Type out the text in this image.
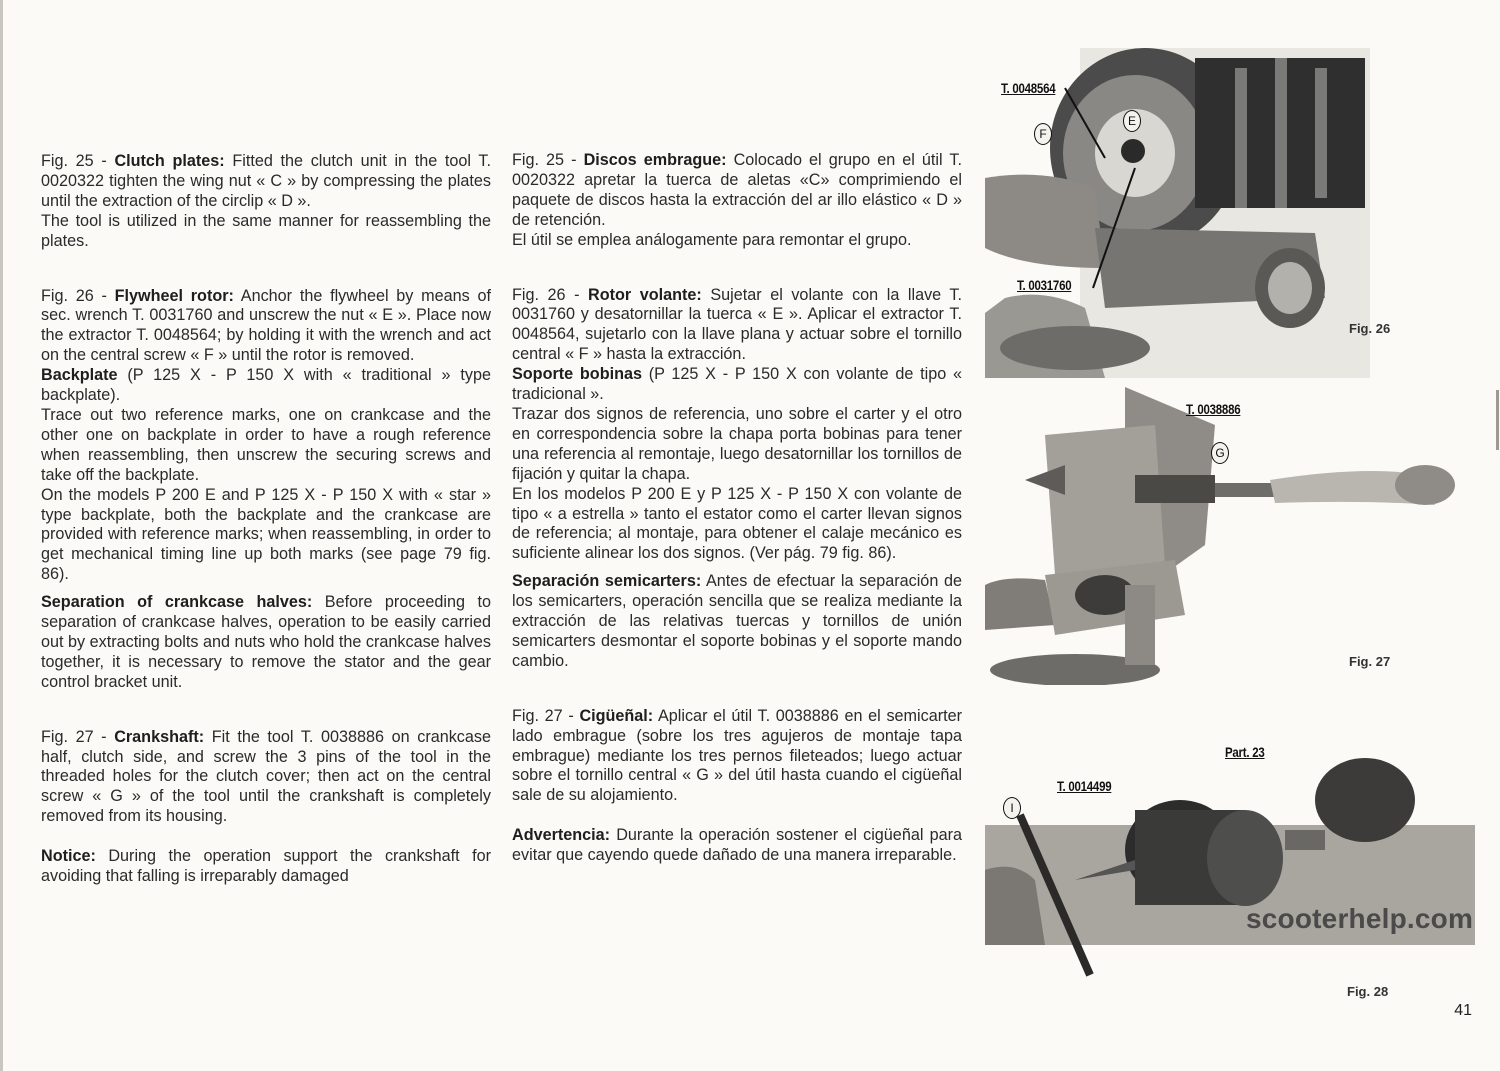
Fig. 25 - Clutch plates: Fitted the clutch unit in the tool T. 0020322 tighten the wing nut « C » by compressing the plates until the extraction of the circlip « D ».

The tool is utilized in the same manner for reassembling the plates.

Fig. 26 - Flywheel rotor: Anchor the flywheel by means of sec. wrench T. 0031760 and unscrew the nut « E ». Place now the extractor T. 0048564; by holding it with the wrench and act on the central screw « F » until the rotor is removed.

Backplate (P 125 X - P 150 X with « traditional » type backplate).

Trace out two reference marks, one on crankcase and the other one on backplate in order to have a rough reference when reassembling, then unscrew the securing screws and take off the backplate.

On the models P 200 E and P 125 X - P 150 X with « star » type backplate, both the backplate and the crankcase are provided with reference marks; when reassembling, in order to get mechanical timing line up both marks (see page 79 fig. 86).

Separation of crankcase halves: Before proceeding to separation of crankcase halves, operation to be easily carried out by extracting bolts and nuts who hold the crankcase halves together, it is necessary to remove the stator and the gear control bracket unit.

Fig. 27 - Crankshaft: Fit the tool T. 0038886 on crankcase half, clutch side, and screw the 3 pins of the tool in the threaded holes for the clutch cover; then act on the central screw « G » of the tool until the crankshaft is completely removed from its housing.

Notice: During the operation support the crankshaft for avoiding that falling is irreparably damaged

Fig. 25 - Discos embrague: Colocado el grupo en el útil T. 0020322 apretar la tuerca de aletas «C» comprimiendo el paquete de discos hasta la extracción del ar illo elástico « D » de retención.

El útil se emplea análogamente para remontar el grupo.

Fig. 26 - Rotor volante: Sujetar el volante con la llave T. 0031760 y desatornillar la tuerca « E ». Aplicar el extractor T. 0048564, sujetarlo con la llave plana y actuar sobre el tornillo central « F » hasta la extracción.

Soporte bobinas (P 125 X - P 150 X con volante de tipo « tradicional ».

Trazar dos signos de referencia, uno sobre el carter y el otro en correspondencia sobre la chapa porta bobinas para tener una referencia al remontaje, luego desatornillar los tornillos de fijación y quitar la chapa.

En los modelos P 200 E y P 125 X - P 150 X con volante de tipo « a estrella » tanto el estator como el carter llevan signos de referencia; al montaje, para obtener el calaje mecánico es suficiente alinear los dos signos. (Ver pág. 79 fig. 86).

Separación semicarters: Antes de efectuar la separación de los semicarters, operación sencilla que se realiza mediante la extracción de las relativas tuercas y tornillos de unión semicarters desmontar el soporte bobinas y el soporte mando cambio.

Fig. 27 - Cigüeñal: Aplicar el útil T. 0038886 en el semicarter lado embrague (sobre los tres agujeros de montaje tapa embrague) mediante los tres pernos fileteados; luego actuar sobre el tornillo central « G » del útil hasta cuando el cigüeñal sale de su alojamiento.

Advertencia: Durante la operación sostener el cigüeñal para evitar que cayendo quede dañado de una manera irreparable.

T. 0048564
F
E
T. 0031760
Fig. 26
T. 0038886
G
Fig. 27
Part. 23
T. 0014499
I
Fig. 28
scooterhelp.com
41
